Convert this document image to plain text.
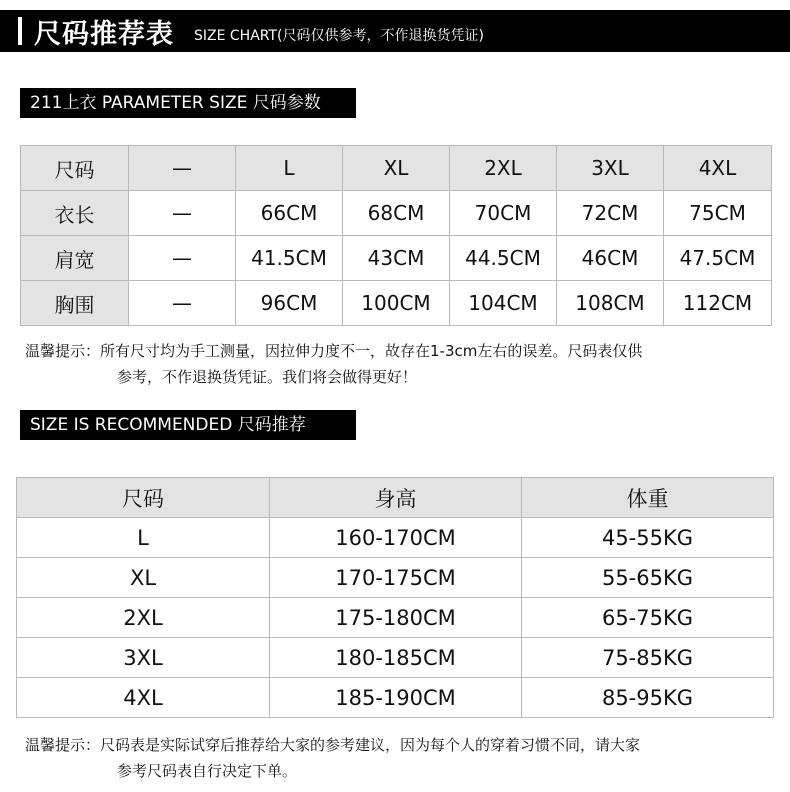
尺码推荐表 SIZE CHART(尺码仅供参考，不作退换货凭证)
211上衣 PARAMETER SIZE 尺码参数
尺码	—	L	XL	2XL	3XL	4XL
衣长	—	66CM	68CM	70CM	72CM	75CM
肩宽	—	41.5CM	43CM	44.5CM	46CM	47.5CM
胸围	—	96CM	100CM	104CM	108CM	112CM
温馨提示：所有尺寸均为手工测量，因拉伸力度不一，故存在1-3cm左右的误差。尺码表仅供
参考，不作退换货凭证。我们将会做得更好！
SIZE IS RECOMMENDED 尺码推荐
尺码	身高	体重
L	160-170CM	45-55KG
XL	170-175CM	55-65KG
2XL	175-180CM	65-75KG
3XL	180-185CM	75-85KG
4XL	185-190CM	85-95KG
温馨提示：尺码表是实际试穿后推荐给大家的参考建议，因为每个人的穿着习惯不同，请大家
参考尺码表自行决定下单。
